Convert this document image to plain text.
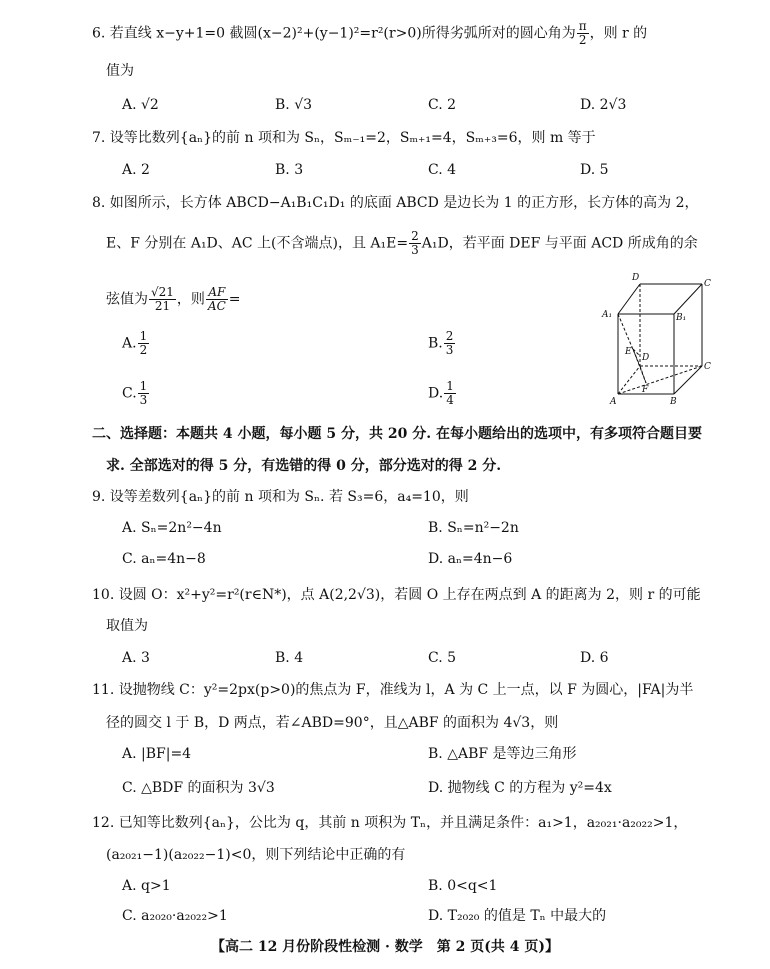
6. 若直线 x−y+1=0 截圆(x−2)²+(y−1)²=r²(r>0)所得劣弧所对的圆心角为 $\frac{\pi}{2}$ ，则 r 的
值为
A. √2	B. √3	C. 2	D. 2√3
7. 设等比数列{aₙ}的前 n 项和为 Sₙ，Sₘ₋₁=2，Sₘ₊₁=4，Sₘ₊₃=6，则 m 等于
A. 2	B. 3	C. 4	D. 5
8. 如图所示，长方体 ABCD−A₁B₁C₁D₁ 的底面 ABCD 是边长为 1 的正方形，长方体的高为 2，
E、F 分别在 A₁D、AC 上(不含端点)，且 $A_1E= \frac{2}{3} A_1D$，若平面 DEF 与平面 ACD 所成角的余
弦值为 $\frac{√21}{21}$ ，则 $\frac{AF}{AC}$ =
A. $\frac{1}{2}$	B. $\frac{2}{3}$
C. $\frac{1}{3}$	D. $\frac{1}{4}$
D
C
A₁	B₁
E
D
C
F
A	B
二、选择题：本题共 4 小题，每小题 5 分，共 20 分. 在每小题给出的选项中，有多项符合题目要
求. 全部选对的得 5 分，有选错的得 0 分，部分选对的得 2 分.
9. 设等差数列{aₙ}的前 n 项和为 Sₙ. 若 S₃=6，a₄=10，则
A. Sₙ=2n²−4n	B. Sₙ=n²−2n
C. aₙ=4n−8	D. aₙ=4n−6
10. 设圆 O：x²+y²=r²(r∈N*)，点 A(2,2√3)，若圆 O 上存在两点到 A 的距离为 2，则 r 的可能
取值为
A. 3	B. 4	C. 5	D. 6
11. 设抛物线 C：y²=2px(p>0)的焦点为 F，准线为 l，A 为 C 上一点，以 F 为圆心，|FA|为半
径的圆交 l 于 B，D 两点，若∠ABD=90°，且△ABF 的面积为 4√3，则
A. |BF|=4	B. △ABF 是等边三角形
C. △BDF 的面积为 3√3	D. 抛物线 C 的方程为 y²=4x
12. 已知等比数列{aₙ}，公比为 q，其前 n 项积为 Tₙ，并且满足条件：a₁>1，a₂₀₂₁·a₂₀₂₂>1，
(a₂₀₂₁−1)(a₂₀₂₂−1)<0，则下列结论中正确的有
A. q>1	B. 0<q<1
C. a₂₀₂₀·a₂₀₂₂>1	D. T₂₀₂₀ 的值是 Tₙ 中最大的
【高二 12 月份阶段性检测 · 数学　第 2 页(共 4 页)】
